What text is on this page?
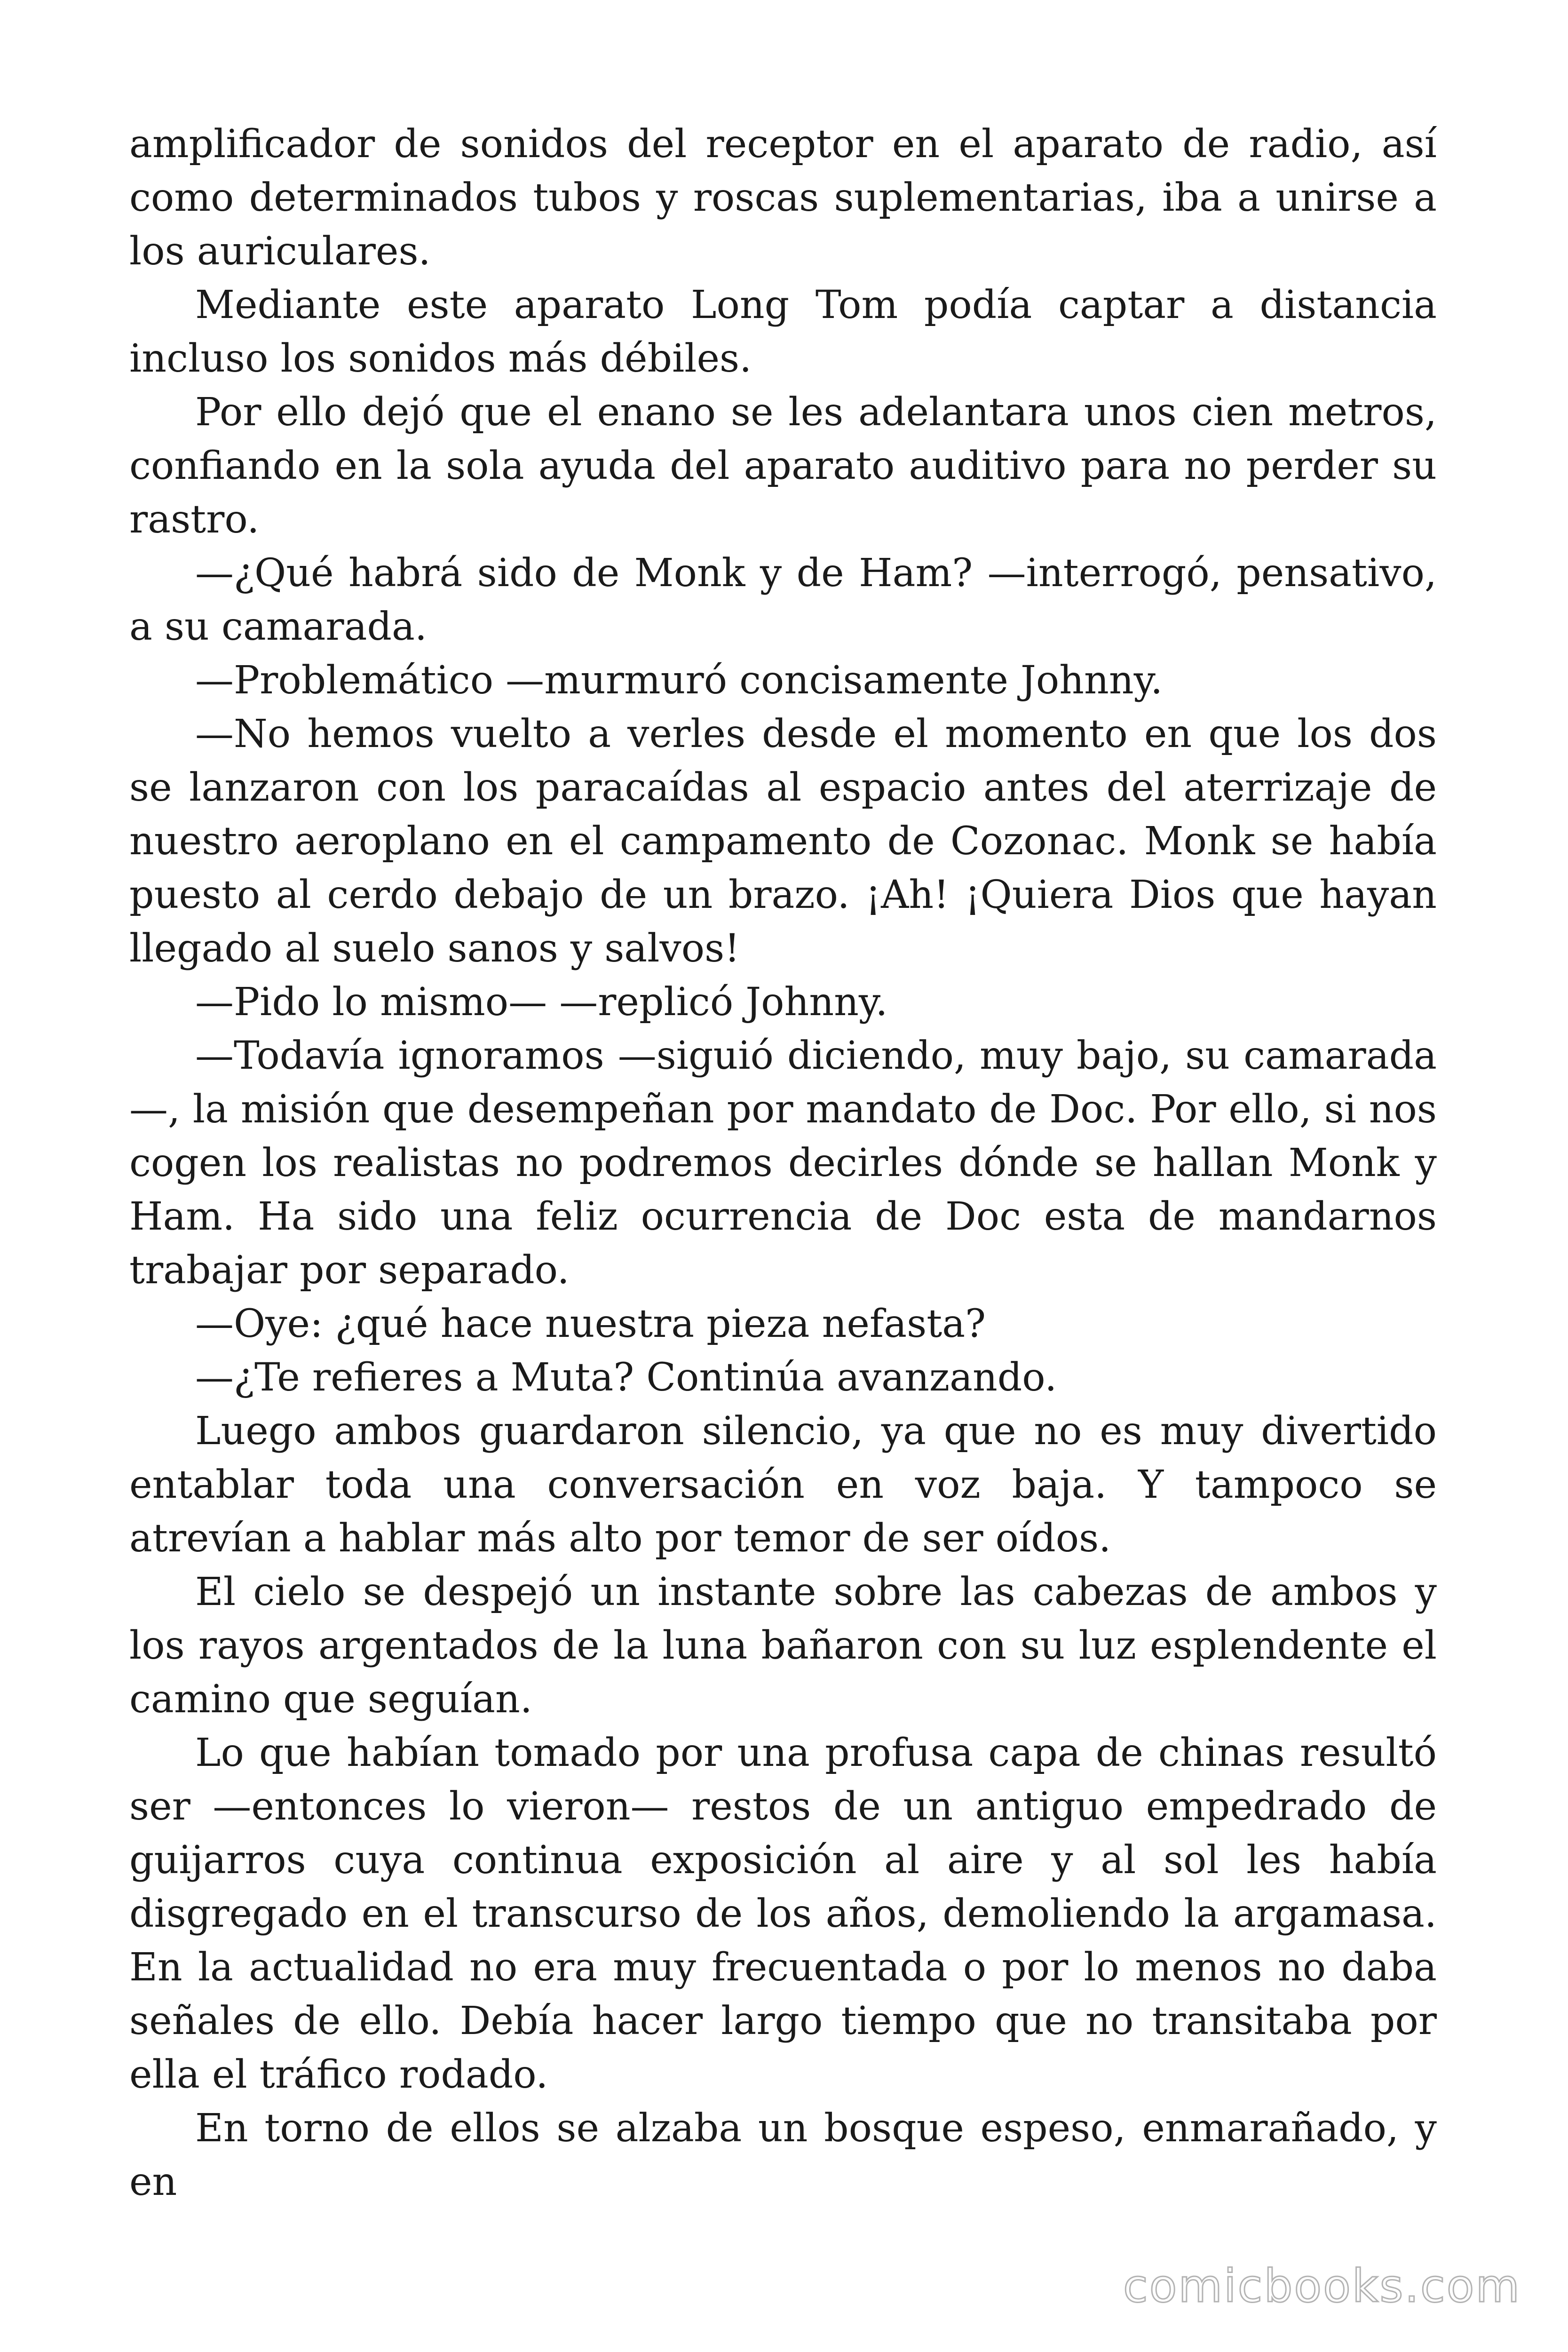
amplificador de sonidos del receptor en el aparato de radio, así como determinados tubos y roscas suplementarias, iba a unirse a los auriculares.

Mediante este aparato Long Tom podía captar a distancia incluso los sonidos más débiles.

Por ello dejó que el enano se les adelantara unos cien metros, confiando en la sola ayuda del aparato auditivo para no perder su rastro.

—¿Qué habrá sido de Monk y de Ham? —interrogó, pensativo, a su camarada.

—Problemático —murmuró concisamente Johnny.

—No hemos vuelto a verles desde el momento en que los dos se lanzaron con los paracaídas al espacio antes del aterrizaje de nuestro aeroplano en el campamento de Cozonac. Monk se había puesto al cerdo debajo de un brazo. ¡Ah! ¡Quiera Dios que hayan llegado al suelo sanos y salvos!

—Pido lo mismo— —replicó Johnny.

—Todavía ignoramos —siguió diciendo, muy bajo, su camarada —, la misión que desempeñan por mandato de Doc. Por ello, si nos cogen los realistas no podremos decirles dónde se hallan Monk y Ham. Ha sido una feliz ocurrencia de Doc esta de mandarnos trabajar por separado.

—Oye: ¿qué hace nuestra pieza nefasta?

—¿Te refieres a Muta? Continúa avanzando.

Luego ambos guardaron silencio, ya que no es muy divertido entablar toda una conversación en voz baja. Y tampoco se atrevían a hablar más alto por temor de ser oídos.

El cielo se despejó un instante sobre las cabezas de ambos y los rayos argentados de la luna bañaron con su luz esplendente el camino que seguían.

Lo que habían tomado por una profusa capa de chinas resultó ser —entonces lo vieron— restos de un antiguo empedrado de guijarros cuya continua exposición al aire y al sol les había disgregado en el transcurso de los años, demoliendo la argamasa. En la actualidad no era muy frecuentada o por lo menos no daba señales de ello. Debía hacer largo tiempo que no transitaba por ella el tráfico rodado.

En torno de ellos se alzaba un bosque espeso, enmarañado, y en

comicbooks.com
